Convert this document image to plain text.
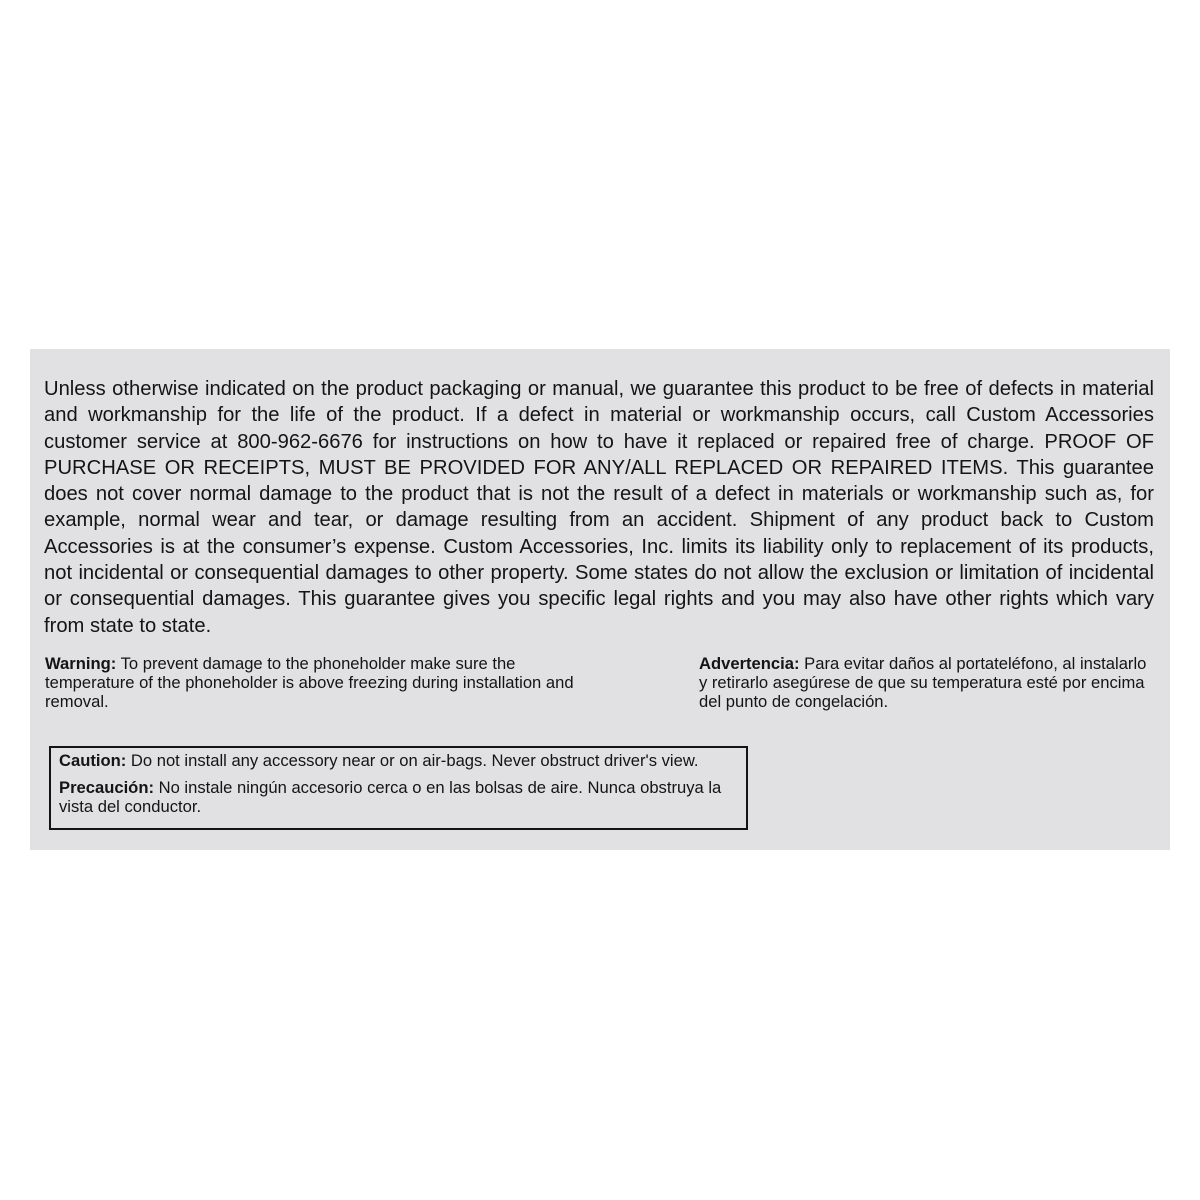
Unless otherwise indicated on the product packaging or manual, we guarantee this product to be free of defects in material and workmanship for the life of the product. If a defect in material or workmanship occurs, call Custom Accessories customer service at 800-962-6676 for instructions on how to have it replaced or repaired free of charge. PROOF OF PURCHASE OR RECEIPTS, MUST BE PROVIDED FOR ANY/ALL REPLACED OR REPAIRED ITEMS. This guarantee does not cover normal damage to the product that is not the result of a defect in materials or workmanship such as, for example, normal wear and tear, or damage resulting from an accident. Shipment of any product back to Custom Accessories is at the consumer’s expense. Custom Accessories, Inc. limits its liability only to replacement of its products, not incidental or consequential damages to other property. Some states do not allow the exclusion or limitation of incidental or consequential damages. This guarantee gives you specific legal rights and you may also have other rights which vary from state to state.

Warning: To prevent damage to the phoneholder make sure the temperature of the phoneholder is above freezing during installation and removal.

Advertencia: Para evitar daños al portateléfono, al instalarlo y retirarlo asegúrese de que su temperatura esté por encima del punto de congelación.

Caution: Do not install any accessory near or on air-bags. Never obstruct driver's view.

Precaución: No instale ningún accesorio cerca o en las bolsas de aire. Nunca obstruya la vista del conductor.
